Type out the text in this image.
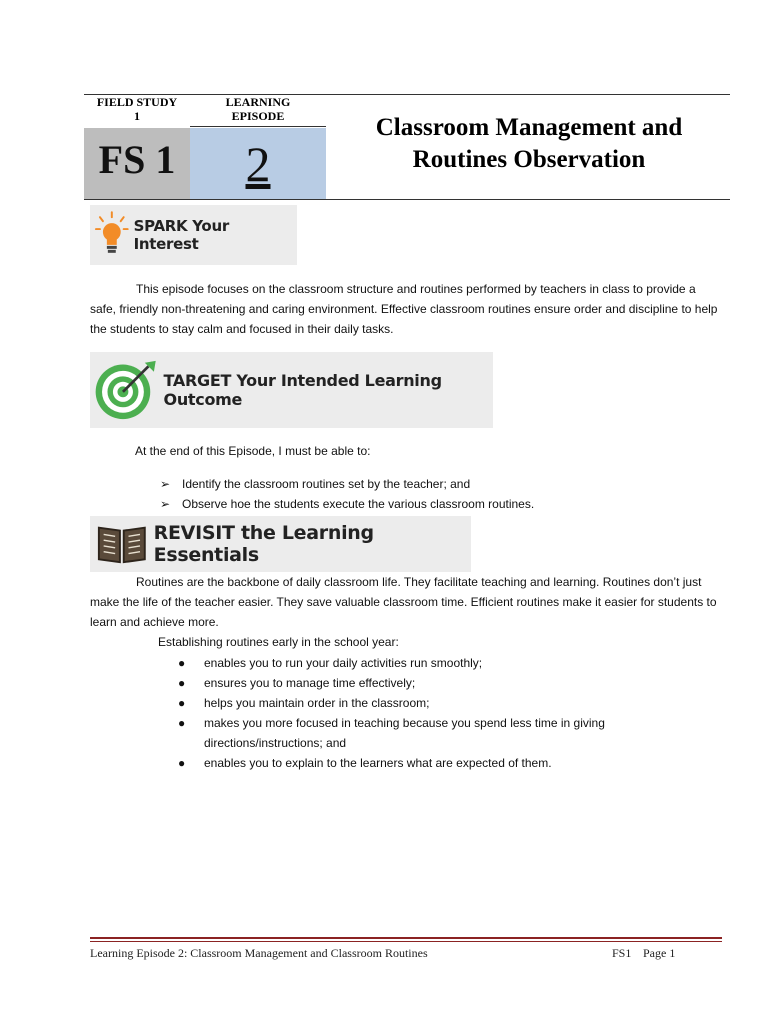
FIELD STUDY
1
LEARNING
EPISODE
FS 1	2
Classroom Management and
Routines Observation
SPARK Your Interest
This episode focuses on the classroom structure and routines performed by teachers in class to provide a safe, friendly non-threatening and caring environment. Effective classroom routines ensure order and discipline to help the students to stay calm and focused in their daily tasks.
TARGET Your Intended Learning Outcome
At the end of this Episode, I must be able to:
➢ Identify the classroom routines set by the teacher; and
➢ Observe hoe the students execute the various classroom routines.
REVISIT the Learning Essentials
Routines are the backbone of daily classroom life. They facilitate teaching and learning. Routines don’t just make the life of the teacher easier. They save valuable classroom time. Efficient routines make it easier for students to learn and achieve more.
Establishing routines early in the school year:
●	enables you to run your daily activities run smoothly;
●	ensures you to manage time effectively;
●	helps you maintain order in the classroom;
●	makes you more focused in teaching because you spend less time in giving directions/instructions; and
●	enables you to explain to the learners what are expected of them.
Learning Episode 2: Classroom Management and Classroom Routines	FS1 Page 1
